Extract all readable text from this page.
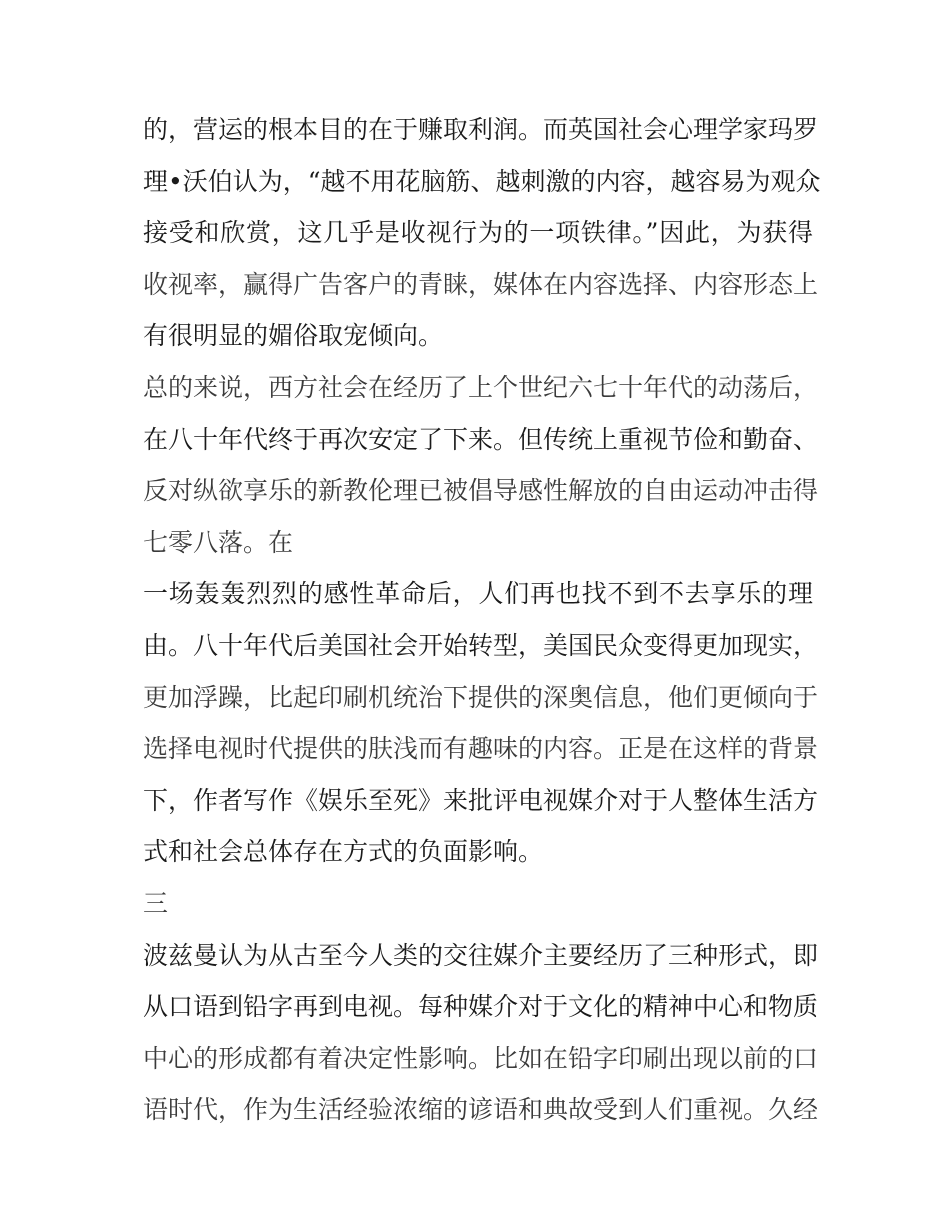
的，营运的根本目的在于赚取利润。而英国社会心理学家玛罗
理•沃伯认为，“越不用花脑筋、越刺激的内容，越容易为观众
接受和欣赏，这几乎是收视行为的一项铁律。”因此，为获得
收视率，赢得广告客户的青睐，媒体在内容选择、内容形态上
有很明显的媚俗取宠倾向。
总的来说，西方社会在经历了上个世纪六七十年代的动荡后，
在八十年代终于再次安定了下来。但传统上重视节俭和勤奋、
反对纵欲享乐的新教伦理已被倡导感性解放的自由运动冲击得
七零八落。在
一场轰轰烈烈的感性革命后，人们再也找不到不去享乐的理
由。八十年代后美国社会开始转型，美国民众变得更加现实，
更加浮躁，比起印刷机统治下提供的深奥信息，他们更倾向于
选择电视时代提供的肤浅而有趣味的内容。正是在这样的背景
下，作者写作《娱乐至死》来批评电视媒介对于人整体生活方
式和社会总体存在方式的负面影响。
三
波兹曼认为从古至今人类的交往媒介主要经历了三种形式，即
从口语到铅字再到电视。每种媒介对于文化的精神中心和物质
中心的形成都有着决定性影响。比如在铅字印刷出现以前的口
语时代，作为生活经验浓缩的谚语和典故受到人们重视。久经
